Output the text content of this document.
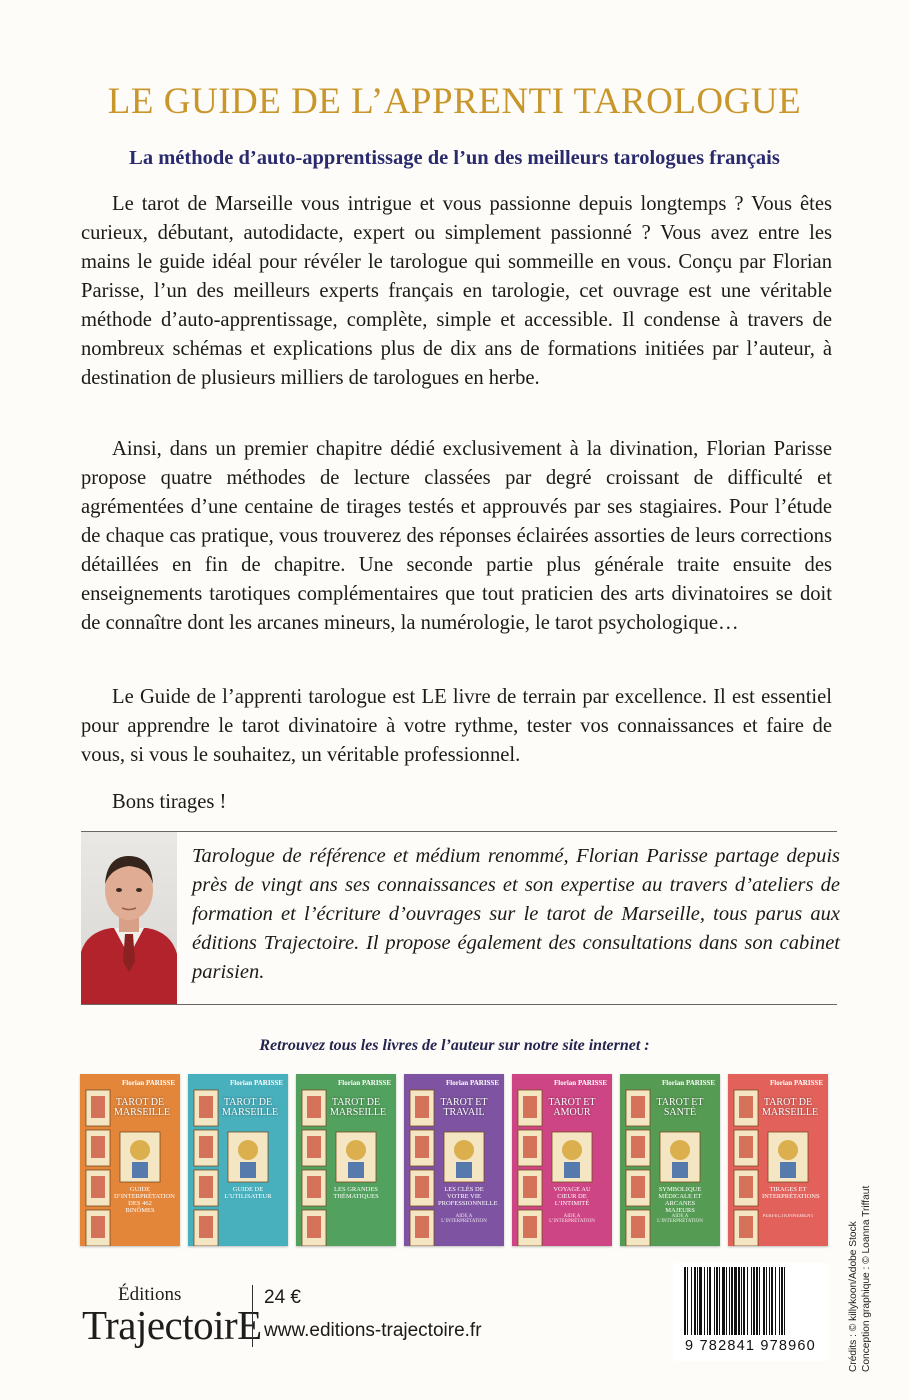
LE GUIDE DE L’APPRENTI TAROLOGUE
La méthode d’auto-apprentissage de l’un des meilleurs tarologues français

Le tarot de Marseille vous intrigue et vous passionne depuis longtemps ? Vous êtes curieux, débutant, autodidacte, expert ou simplement passionné ? Vous avez entre les mains le guide idéal pour révéler le tarologue qui sommeille en vous. Conçu par Florian Parisse, l’un des meilleurs experts français en tarologie, cet ouvrage est une véritable méthode d’auto-apprentissage, complète, simple et accessible. Il condense à travers de nombreux schémas et explications plus de dix ans de formations initiées par l’auteur, à destination de plusieurs milliers de tarologues en herbe.

Ainsi, dans un premier chapitre dédié exclusivement à la divination, Florian Parisse propose quatre méthodes de lecture classées par degré croissant de difficulté et agrémentées d’une centaine de tirages testés et approuvés par ses stagiaires. Pour l’étude de chaque cas pratique, vous trouverez des réponses éclairées assorties de leurs corrections détaillées en fin de chapitre. Une seconde partie plus générale traite ensuite des enseignements tarotiques complémentaires que tout praticien des arts divinatoires se doit de connaître dont les arcanes mineurs, la numérologie, le tarot psychologique…

Le Guide de l’apprenti tarologue est LE livre de terrain par excellence. Il est essentiel pour apprendre le tarot divinatoire à votre rythme, tester vos connaissances et faire de vous, si vous le souhaitez, un véritable professionnel.

Bons tirages !

Tarologue de référence et médium renommé, Florian Parisse partage depuis près de vingt ans ses connaissances et son expertise au travers d’ateliers de formation et l’écriture d’ouvrages sur le tarot de Marseille, tous parus aux éditions Trajectoire. Il propose également des consultations dans son cabinet parisien.
Retrouvez tous les livres de l’auteur sur notre site internet :
Florian PARISSE
TAROT DE MARSEILLE
GUIDE D’INTERPRÉTATION DES 462 BINÔMES
Florian PARISSE
TAROT DE MARSEILLE
GUIDE DE L’UTILISATEUR
Florian PARISSE
TAROT DE MARSEILLE
LES GRANDES THÉMATIQUES
Florian PARISSE
TAROT ET TRAVAIL
LES CLÉS DE VOTRE VIE PROFESSIONNELLE
AIDE À L’INTERPRÉTATION
Florian PARISSE
TAROT ET AMOUR
VOYAGE AU CŒUR DE L’INTIMITÉ
AIDE À L’INTERPRÉTATION
Florian PARISSE
TAROT ET SANTÉ
SYMBOLIQUE MÉDICALE ET ARCANES MAJEURS
AIDE À L’INTERPRÉTATION
Florian PARISSE
TAROT DE MARSEILLE
TIRAGES ET INTERPRÉTATIONS
PERFECTIONNEMENT
Éditions
TrajectoirE
24 €
www.editions-trajectoire.fr
9 782841 978960	Crédits : © killykoon/Adobe Stock Conception graphique : © Loanna Triffaut
